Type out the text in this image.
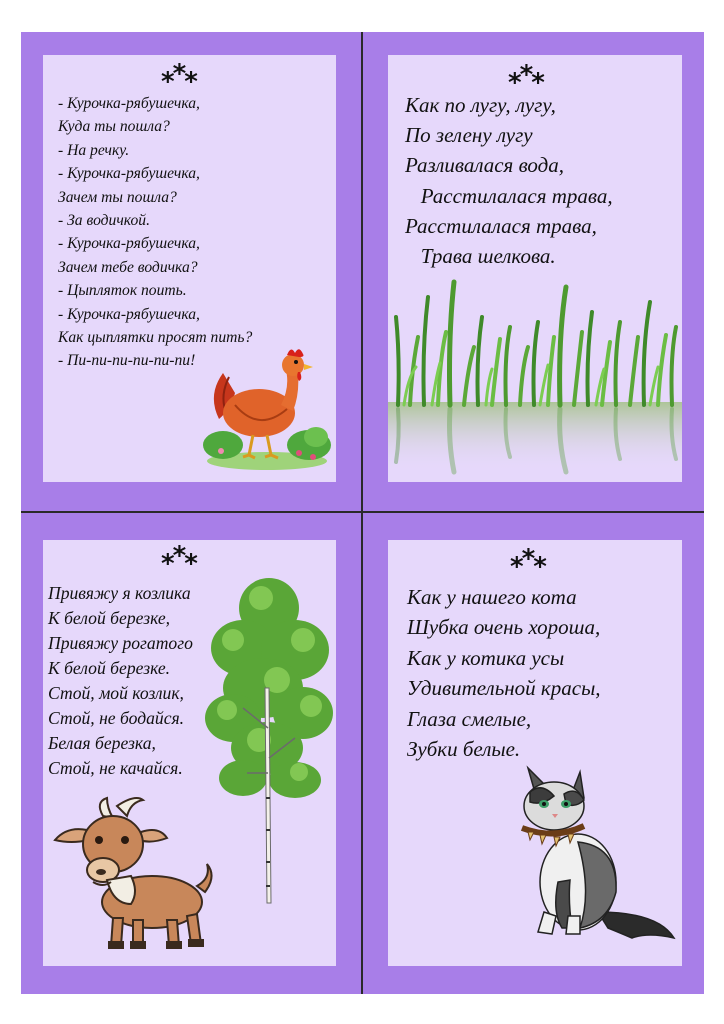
***
- Курочка-рябушечка,
Куда ты пошла?
- На речку.
- Курочка-рябушечка,
Зачем ты пошла?
- За водичкой.
- Курочка-рябушечка,
Зачем тебе водичка?
- Цыпляток поить.
- Курочка-рябушечка,
Как цыплятки просят пить?
- Пи-пи-пи-пи-пи-пи!
***
Как по лугу, лугу,
По зелену лугу
Разливалася вода,
Расстилалася трава,
Расстилалася трава,
Трава шелкова.
***
Привяжу я козлика
К белой березке,
Привяжу рогатого
К белой березке.
Стой, мой козлик,
Стой, не бодайся.
Белая березка,
Стой, не качайся.
***
Как у нашего кота
Шубка очень хороша,
Как у котика усы
Удивительной красы,
Глаза смелые,
Зубки белые.
